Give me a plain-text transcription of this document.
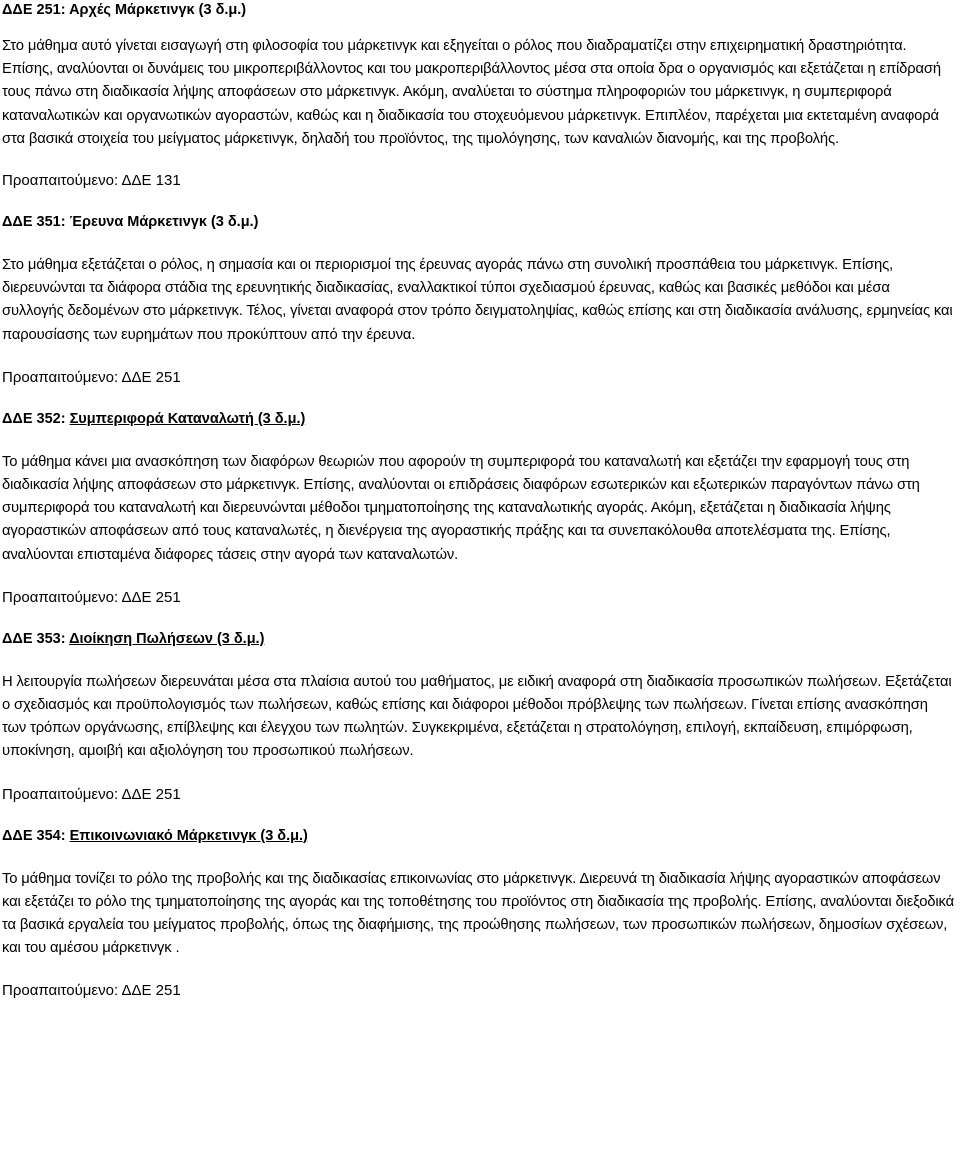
ΔΔΕ 251: Αρχές Μάρκετινγκ (3 δ.μ.)

Στο μάθημα αυτό γίνεται εισαγωγή στη φιλοσοφία του μάρκετινγκ και εξηγείται ο ρόλος που διαδραματίζει στην επιχειρηματική δραστηριότητα. Επίσης, αναλύονται οι δυνάμεις του μικροπεριβάλλοντος και του μακροπεριβάλλοντος μέσα στα οποία δρα ο οργανισμός και εξετάζεται η επίδρασή τους πάνω στη διαδικασία λήψης αποφάσεων στο μάρκετινγκ. Ακόμη, αναλύεται το σύστημα πληροφοριών του μάρκετινγκ, η συμπεριφορά καταναλωτικών και οργανωτικών αγοραστών, καθώς και η διαδικασία του στοχευόμενου μάρκετινγκ. Επιπλέον, παρέχεται μια εκτεταμένη αναφορά στα βασικά στοιχεία του μείγματος μάρκετινγκ, δηλαδή του προϊόντος, της τιμολόγησης, των καναλιών διανομής, και της προβολής.

Προαπαιτούμενο: ΔΔΕ 131

ΔΔΕ 351: Έρευνα Μάρκετινγκ (3 δ.μ.)

Στο μάθημα εξετάζεται ο ρόλος, η σημασία και οι περιορισμοί της έρευνας αγοράς πάνω στη συνολική προσπάθεια του μάρκετινγκ. Επίσης, διερευνώνται τα διάφορα στάδια της ερευνητικής διαδικασίας, εναλλακτικοί τύποι σχεδιασμού έρευνας, καθώς και βασικές μεθόδοι και μέσα συλλογής δεδομένων στο μάρκετινγκ. Τέλος, γίνεται αναφορά στον τρόπο δειγματοληψίας, καθώς επίσης και στη διαδικασία ανάλυσης, ερμηνείας και παρουσίασης των ευρημάτων που προκύπτουν από την έρευνα.

Προαπαιτούμενο: ΔΔΕ 251

ΔΔΕ 352: Συμπεριφορά Καταναλωτή (3 δ.μ.)

Το μάθημα κάνει μια ανασκόπηση των διαφόρων θεωριών που αφορούν τη συμπεριφορά του καταναλωτή και εξετάζει την εφαρμογή τους στη διαδικασία λήψης αποφάσεων στο μάρκετινγκ. Επίσης, αναλύονται οι επιδράσεις διαφόρων εσωτερικών και εξωτερικών παραγόντων πάνω στη συμπεριφορά του καταναλωτή και διερευνώνται μέθοδοι τμηματοποίησης της καταναλωτικής αγοράς. Ακόμη, εξετάζεται η διαδικασία λήψης αγοραστικών αποφάσεων από τους καταναλωτές, η διενέργεια της αγοραστικής πράξης και τα συνεπακόλουθα αποτελέσματα της. Επίσης, αναλύονται επισταμένα διάφορες τάσεις στην αγορά των καταναλωτών.

Προαπαιτούμενο: ΔΔΕ 251

ΔΔΕ 353: Διοίκηση Πωλήσεων (3 δ.μ.)

Η λειτουργία πωλήσεων διερευνάται μέσα στα πλαίσια αυτού του μαθήματος, με ειδική αναφορά στη διαδικασία προσωπικών πωλήσεων. Εξετάζεται ο σχεδιασμός και προϋπολογισμός των πωλήσεων, καθώς επίσης και διάφοροι μέθοδοι πρόβλεψης των πωλήσεων. Γίνεται επίσης ανασκόπηση των τρόπων οργάνωσης, επίβλεψης και έλεγχου των πωλητών. Συγκεκριμένα, εξετάζεται η στρατολόγηση, επιλογή, εκπαίδευση, επιμόρφωση, υποκίνηση, αμοιβή και αξιολόγηση του προσωπικού πωλήσεων.

Προαπαιτούμενο: ΔΔΕ 251

ΔΔΕ 354: Επικοινωνιακό Μάρκετινγκ (3 δ.μ.)

Το μάθημα τονίζει το ρόλο της προβολής και της διαδικασίας επικοινωνίας στο μάρκετινγκ. Διερευνά τη διαδικασία λήψης αγοραστικών αποφάσεων και εξετάζει το ρόλο της τμηματοποίησης της αγοράς και της τοποθέτησης του προϊόντος στη διαδικασία της προβολής. Επίσης, αναλύονται διεξοδικά τα βασικά εργαλεία του μείγματος προβολής, όπως της διαφήμισης, της προώθησης πωλήσεων, των προσωπικών πωλήσεων, δημοσίων σχέσεων, και του αμέσου μάρκετινγκ .

Προαπαιτούμενο: ΔΔΕ 251
